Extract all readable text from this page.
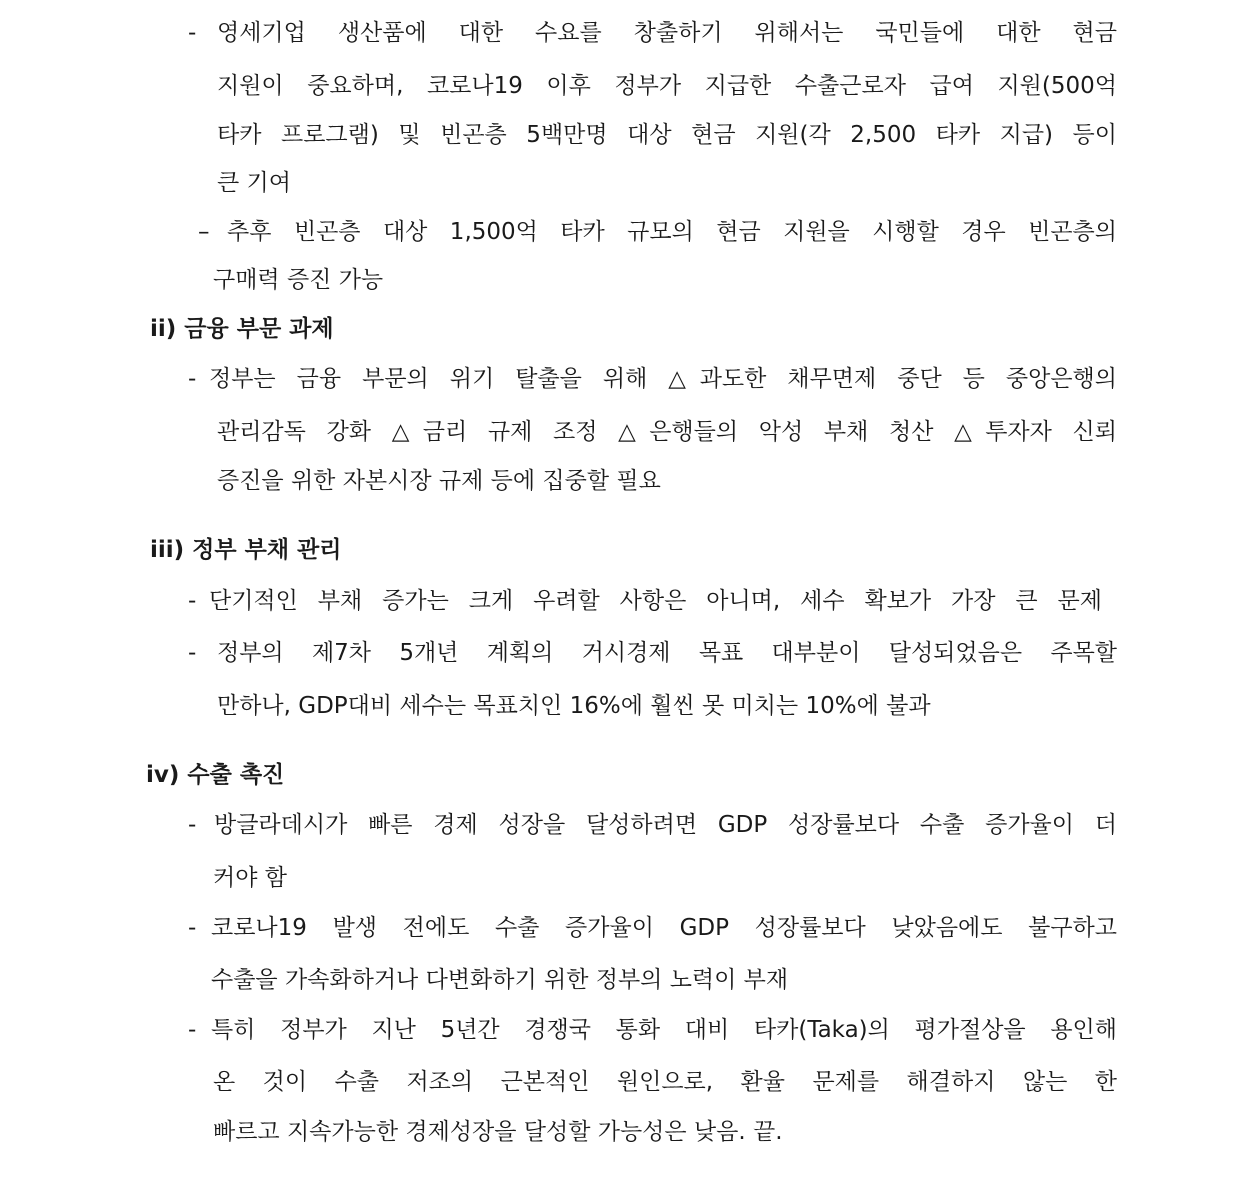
- 영세기업 생산품에 대한 수요를 창출하기 위해서는 국민들에 대한 현금
지원이 중요하며, 코로나19 이후 정부가 지급한 수출근로자 급여 지원(500억
타카 프로그램) 및 빈곤층 5백만명 대상 현금 지원(각 2,500 타카 지급) 등이
큰 기여
– 추후 빈곤층 대상 1,500억 타카 규모의 현금 지원을 시행할 경우 빈곤층의
구매력 증진 가능
ii) 금융 부문 과제
- 정부는 금융 부문의 위기 탈출을 위해 △과도한 채무면제 중단 등 중앙은행의
관리감독 강화 △금리 규제 조정 △은행들의 악성 부채 청산 △투자자 신뢰
증진을 위한 자본시장 규제 등에 집중할 필요
iii) 정부 부채 관리
- 단기적인 부채 증가는 크게 우려할 사항은 아니며, 세수 확보가 가장 큰 문제
- 정부의 제7차 5개년 계획의 거시경제 목표 대부분이 달성되었음은 주목할
만하나, GDP대비 세수는 목표치인 16%에 훨씬 못 미치는 10%에 불과
iv) 수출 촉진
- 방글라데시가 빠른 경제 성장을 달성하려면 GDP 성장률보다 수출 증가율이 더
커야 함
- 코로나19 발생 전에도 수출 증가율이 GDP 성장률보다 낮았음에도 불구하고
수출을 가속화하거나 다변화하기 위한 정부의 노력이 부재
- 특히 정부가 지난 5년간 경쟁국 통화 대비 타카(Taka)의 평가절상을 용인해
온 것이 수출 저조의 근본적인 원인으로, 환율 문제를 해결하지 않는 한
빠르고 지속가능한 경제성장을 달성할 가능성은 낮음. 끝.
